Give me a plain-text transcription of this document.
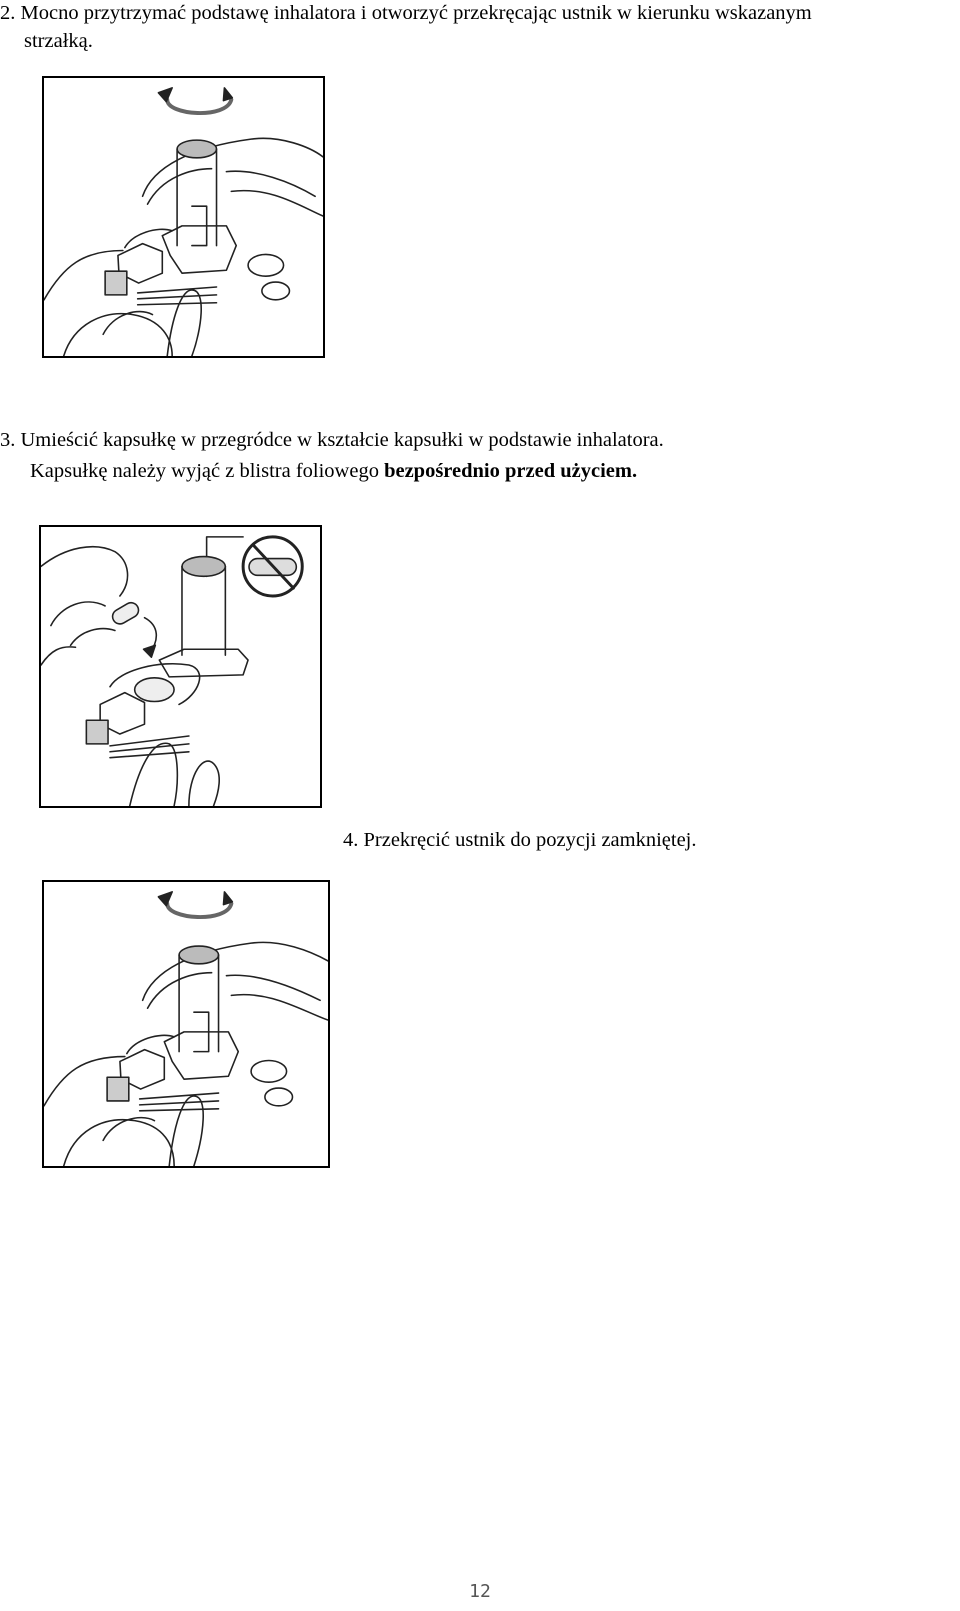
2. Mocno przytrzymać podstawę inhalatora i otworzyć przekręcając ustnik w kierunku wskazanym

strzałką.

3. Umieścić kapsułkę w przegródce w kształcie kapsułki w podstawie inhalatora.

Kapsułkę należy wyjąć z blistra foliowego bezpośrednio przed użyciem.

4. Przekręcić ustnik do pozycji zamkniętej.

12
